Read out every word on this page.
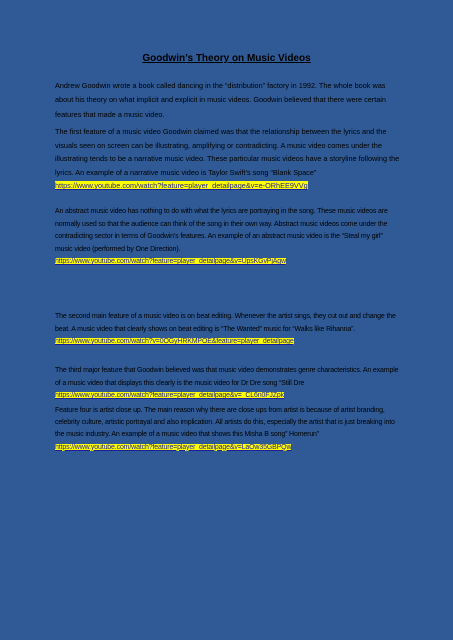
Goodwin’s Theory on Music Videos
Andrew Goodwin wrote a book called dancing in the “distribution” factory in 1992. The whole book was about his theory on what implicit and explicit in music videos. Goodwin believed that there were certain features that made a music video.
The first feature of a music video Goodwin claimed was that the relationship between the lyrics and the visuals seen on screen can be illustrating, amplifying or contradicting. A music video comes under the illustrating tends to be a narrative music video. These particular music videos have a storyline following the lyrics. An example of a narrative music video is Taylor Swift’s song “Blank Space”
https://www.youtube.com/watch?feature=player_detailpage&v=e-ORhEE9VVg
An abstract music video has nothing to do with what the lyrics are portraying in the song. These music videos are normally used so that the audience can think of the song in their own way. Abstract music videos come under the contradicting sector in terms of Goodwin’s features. An example of an abstract music video is the “Steal my girl” music video (performed by One Direction).
https://www.youtube.com/watch?feature=player_detailpage&v=UpsKGvPjAgw
The second main feature of a music video is on beat editing. Whenever the artist sings, they cut out and change the beat. A music video that clearly shows on beat editing is “The Wanted” music for “Walks like Rihanna”.
https://www.youtube.com/watch?v=0OGyHRKMPOE&feature=player_detailpage
The third major feature that Goodwin believed was that music video demonstrates genre characteristics. An example of a music video that displays this clearly is the music video for Dr Dre song “Still Dre https://www.youtube.com/watch?feature=player_detailpage&v=_CL6n0FJZpk
Feature four is artist close up. The main reason why there are close ups from artist is because of artist branding, celebrity culture, artistic portrayal and also implication. All artists do this, especially the artist that is just breaking into the music industry. An example of a music video that shows this Misha B song” Homerun”
https://www.youtube.com/watch?feature=player_detailpage&v=LaOw35GBPQw
